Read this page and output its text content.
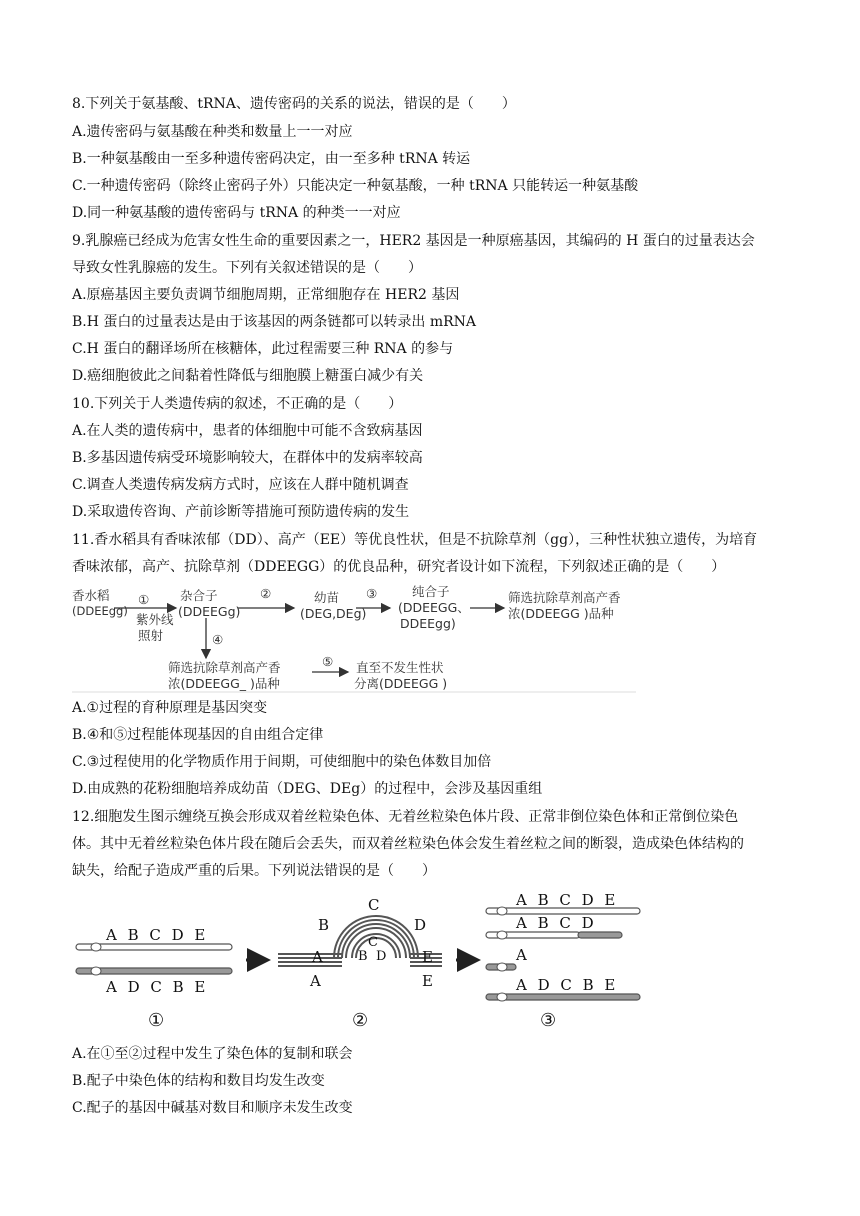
8.下列关于氨基酸、tRNA、遗传密码的关系的说法，错误的是（　　）
A.遗传密码与氨基酸在种类和数量上一一对应
B.一种氨基酸由一至多种遗传密码决定，由一至多种 tRNA 转运
C.一种遗传密码（除终止密码子外）只能决定一种氨基酸，一种 tRNA 只能转运一种氨基酸
D.同一种氨基酸的遗传密码与 tRNA 的种类一一对应
9.乳腺癌已经成为危害女性生命的重要因素之一，HER2 基因是一种原癌基因，其编码的 H 蛋白的过量表达会
导致女性乳腺癌的发生。下列有关叙述错误的是（　　）
A.原癌基因主要负责调节细胞周期，正常细胞存在 HER2 基因
B.H 蛋白的过量表达是由于该基因的两条链都可以转录出 mRNA
C.H 蛋白的翻译场所在核糖体，此过程需要三种 RNA 的参与
D.癌细胞彼此之间黏着性降低与细胞膜上糖蛋白减少有关
10.下列关于人类遗传病的叙述，不正确的是（　　）
A.在人类的遗传病中，患者的体细胞中可能不含致病基因
B.多基因遗传病受环境影响较大，在群体中的发病率较高
C.调查人类遗传病发病方式时，应该在人群中随机调查
D.采取遗传咨询、产前诊断等措施可预防遗传病的发生
11.香水稻具有香味浓郁（DD）、高产（EE）等优良性状，但是不抗除草剂（gg），三种性状独立遗传，为培育
香味浓郁，高产、抗除草剂（DDEEGG）的优良品种，研究者设计如下流程，下列叙述正确的是（　　）
香水稻
(DDEEgg)
①
紫外线
照射
杂合子
(DDEEGg)
②	幼苗
(DEG,DEg)
③	纯合子
(DDEEGG、
DDEEgg)
筛选抗除草剂高产香
浓(DDEEGG )品种
④
筛选抗除草剂高产香
浓(DDEEGG_ )品种
⑤ 直至不发生性状
分离(DDEEGG )
A.①过程的育种原理是基因突变
B.④和⑤过程能体现基因的自由组合定律
C.③过程使用的化学物质作用于间期，可使细胞中的染色体数目加倍
D.由成熟的花粉细胞培养成幼苗（DEG、DEg）的过程中，会涉及基因重组
12.细胞发生图示缠绕互换会形成双着丝粒染色体、无着丝粒染色体片段、正常非倒位染色体和正常倒位染色
体。其中无着丝粒染色体片段在随后会丢失，而双着丝粒染色体会发生着丝粒之间的断裂，造成染色体结构的
缺失，给配子造成严重的后果。下列说法错误的是（　　）
A B C D E
A D C B E
①
C
B	D
A	E
C
B D
A	E
②
A B C D E
A B C D
A
A D C B E
③
A.在①至②过程中发生了染色体的复制和联会
B.配子中染色体的结构和数目均发生改变
C.配子的基因中碱基对数目和顺序未发生改变
